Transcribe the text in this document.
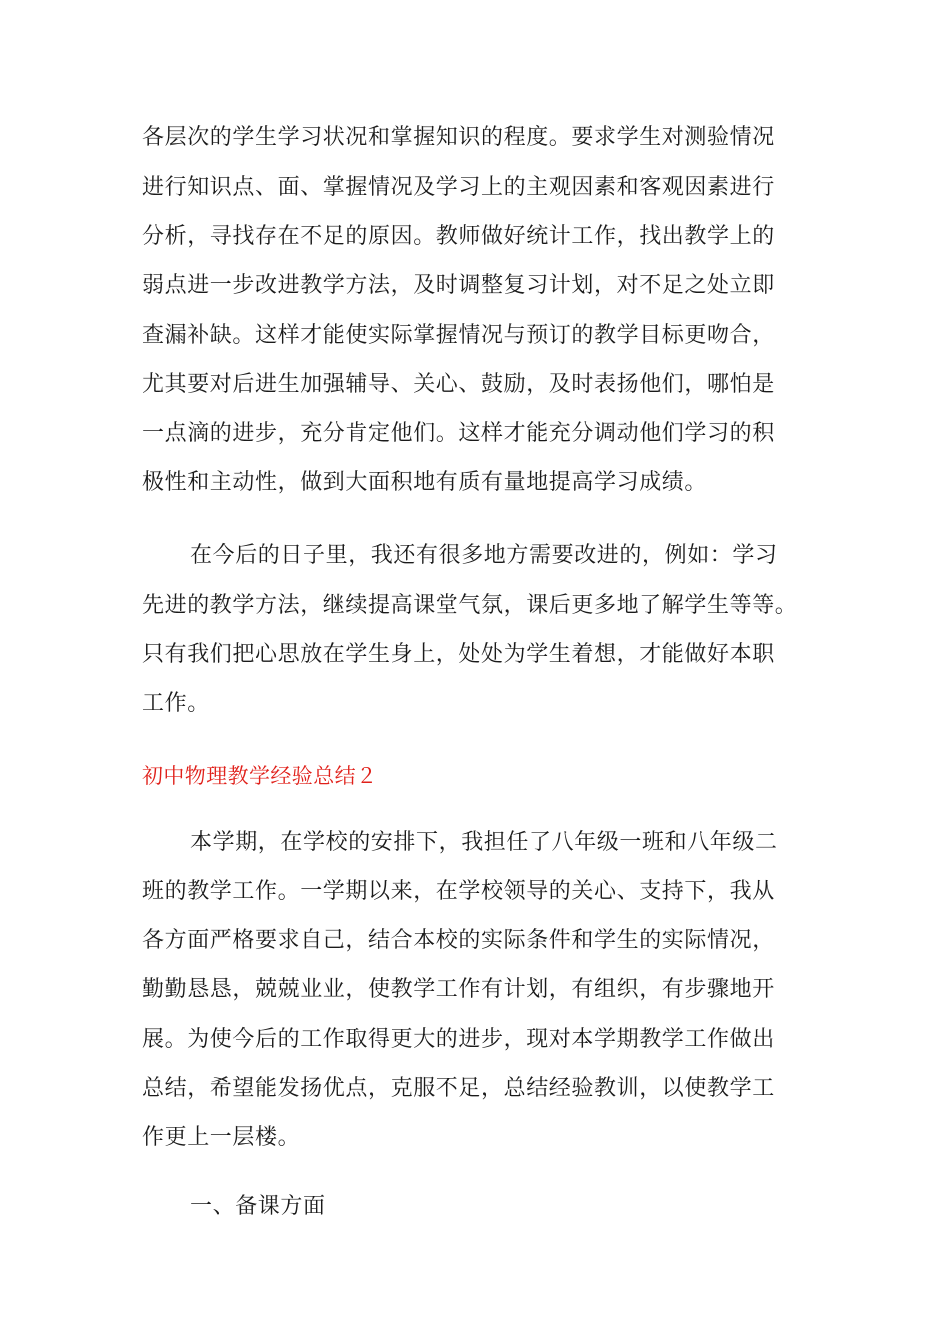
各层次的学生学习状况和掌握知识的程度。要求学生对测验情况
进行知识点、面、掌握情况及学习上的主观因素和客观因素进行
分析，寻找存在不足的原因。教师做好统计工作，找出教学上的
弱点进一步改进教学方法，及时调整复习计划，对不足之处立即
查漏补缺。这样才能使实际掌握情况与预订的教学目标更吻合，
尤其要对后进生加强辅导、关心、鼓励，及时表扬他们，哪怕是
一点滴的进步，充分肯定他们。这样才能充分调动他们学习的积
极性和主动性，做到大面积地有质有量地提高学习成绩。
在今后的日子里，我还有很多地方需要改进的，例如：学习
先进的教学方法，继续提高课堂气氛，课后更多地了解学生等等。
只有我们把心思放在学生身上，处处为学生着想，才能做好本职
工作。
初中物理教学经验总结２
本学期，在学校的安排下，我担任了八年级一班和八年级二
班的教学工作。一学期以来，在学校领导的关心、支持下，我从
各方面严格要求自己，结合本校的实际条件和学生的实际情况，
勤勤恳恳，兢兢业业，使教学工作有计划，有组织，有步骤地开
展。为使今后的工作取得更大的进步，现对本学期教学工作做出
总结，希望能发扬优点，克服不足，总结经验教训，以使教学工
作更上一层楼。
一、备课方面
